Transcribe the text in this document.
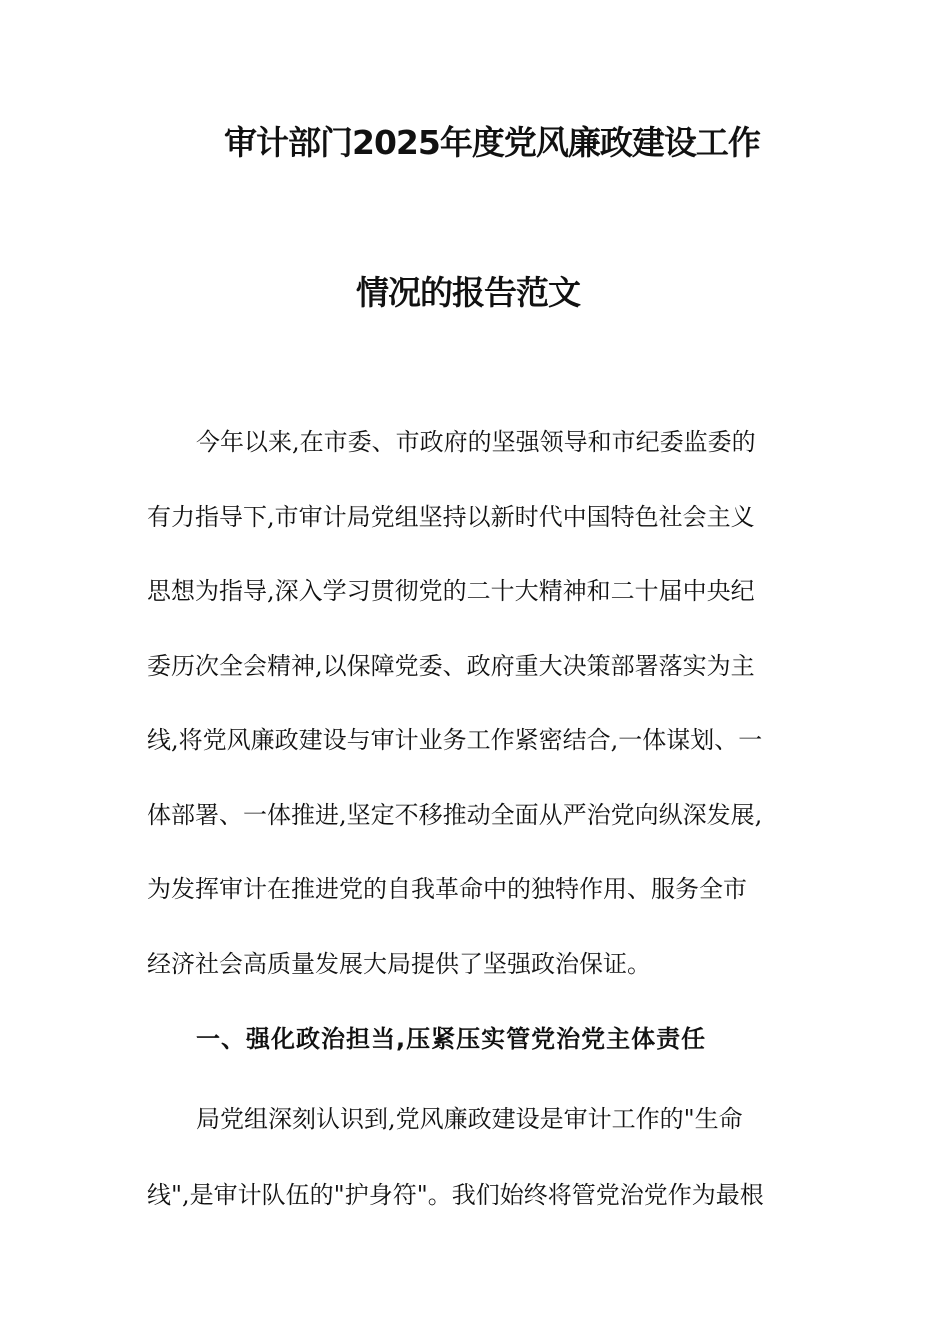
审计部门2025年度党风廉政建设工作
情况的报告范文

今年以来,在市委、市政府的坚强领导和市纪委监委的

有力指导下,市审计局党组坚持以新时代中国特色社会主义

思想为指导,深入学习贯彻党的二十大精神和二十届中央纪

委历次全会精神,以保障党委、政府重大决策部署落实为主

线,将党风廉政建设与审计业务工作紧密结合,一体谋划、一

体部署、一体推进,坚定不移推动全面从严治党向纵深发展,

为发挥审计在推进党的自我革命中的独特作用、服务全市

经济社会高质量发展大局提供了坚强政治保证。

一、强化政治担当,压紧压实管党治党主体责任

局党组深刻认识到,党风廉政建设是审计工作的"生命

线",是审计队伍的"护身符"。我们始终将管党治党作为最根
